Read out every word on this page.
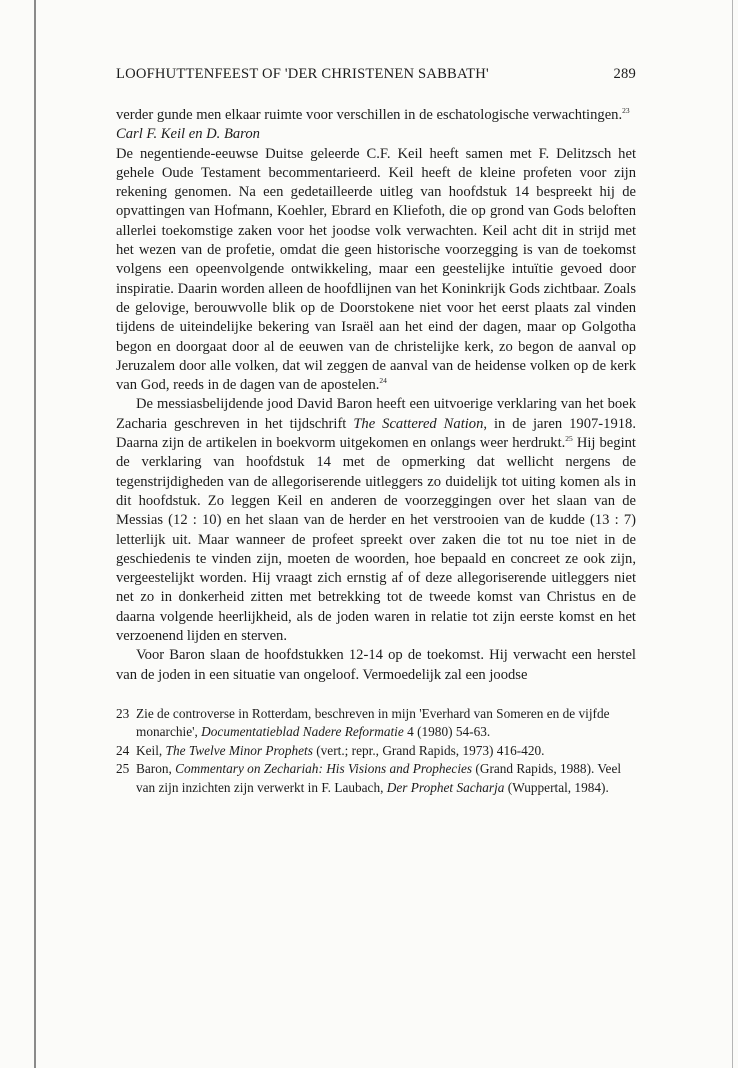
LOOFHUTTENFEEST OF 'DER CHRISTENEN SABBATH'	289

verder gunde men elkaar ruimte voor verschillen in de eschatologische verwachtingen.$^{23}$

Carl F. Keil en D. Baron

De negentiende-eeuwse Duitse geleerde C.F. Keil heeft samen met F. Delitzsch het gehele Oude Testament becommentarieerd. Keil heeft de kleine profeten voor zijn rekening genomen. Na een gedetailleerde uitleg van hoofdstuk 14 bespreekt hij de opvattingen van Hofmann, Koehler, Ebrard en Kliefoth, die op grond van Gods beloften allerlei toekomstige zaken voor het joodse volk verwachten. Keil acht dit in strijd met het wezen van de profetie, omdat die geen historische voorzegging is van de toekomst volgens een opeenvolgende ontwikkeling, maar een geestelijke intuïtie gevoed door inspiratie. Daarin worden alleen de hoofdlijnen van het Koninkrijk Gods zichtbaar. Zoals de gelovige, berouwvolle blik op de Doorstokene niet voor het eerst plaats zal vinden tijdens de uiteindelijke bekering van Israël aan het eind der dagen, maar op Golgotha begon en doorgaat door al de eeuwen van de christelijke kerk, zo begon de aanval op Jeruzalem door alle volken, dat wil zeggen de aanval van de heidense volken op de kerk van God, reeds in de dagen van de apostelen.$^{24}$

De messiasbelijdende jood David Baron heeft een uitvoerige verklaring van het boek Zacharia geschreven in het tijdschrift The Scattered Nation, in de jaren 1907-1918. Daarna zijn de artikelen in boekvorm uitgekomen en onlangs weer herdrukt.$^{25}$ Hij begint de verklaring van hoofdstuk 14 met de opmerking dat wellicht nergens de tegenstrijdigheden van de allegoriserende uitleggers zo duidelijk tot uiting komen als in dit hoofdstuk. Zo leggen Keil en anderen de voorzeggingen over het slaan van de Messias (12 : 10) en het slaan van de herder en het verstrooien van de kudde (13 : 7) letterlijk uit. Maar wanneer de profeet spreekt over zaken die tot nu toe niet in de geschiedenis te vinden zijn, moeten de woorden, hoe bepaald en concreet ze ook zijn, vergeestelijkt worden. Hij vraagt zich ernstig af of deze allegoriserende uitleggers niet net zo in donkerheid zitten met betrekking tot de tweede komst van Christus en de daarna volgende heerlijkheid, als de joden waren in relatie tot zijn eerste komst en het verzoenend lijden en sterven.

Voor Baron slaan de hoofdstukken 12-14 op de toekomst. Hij verwacht een herstel van de joden in een situatie van ongeloof. Vermoedelijk zal een joodse

23 Zie de controverse in Rotterdam, beschreven in mijn 'Everhard van Someren en de vijfde monarchie', Documentatieblad Nadere Reformatie 4 (1980) 54-63.

24 Keil, The Twelve Minor Prophets (vert.; repr., Grand Rapids, 1973) 416-420.

25 Baron, Commentary on Zechariah: His Visions and Prophecies (Grand Rapids, 1988). Veel van zijn inzichten zijn verwerkt in F. Laubach, Der Prophet Sacharja (Wuppertal, 1984).
